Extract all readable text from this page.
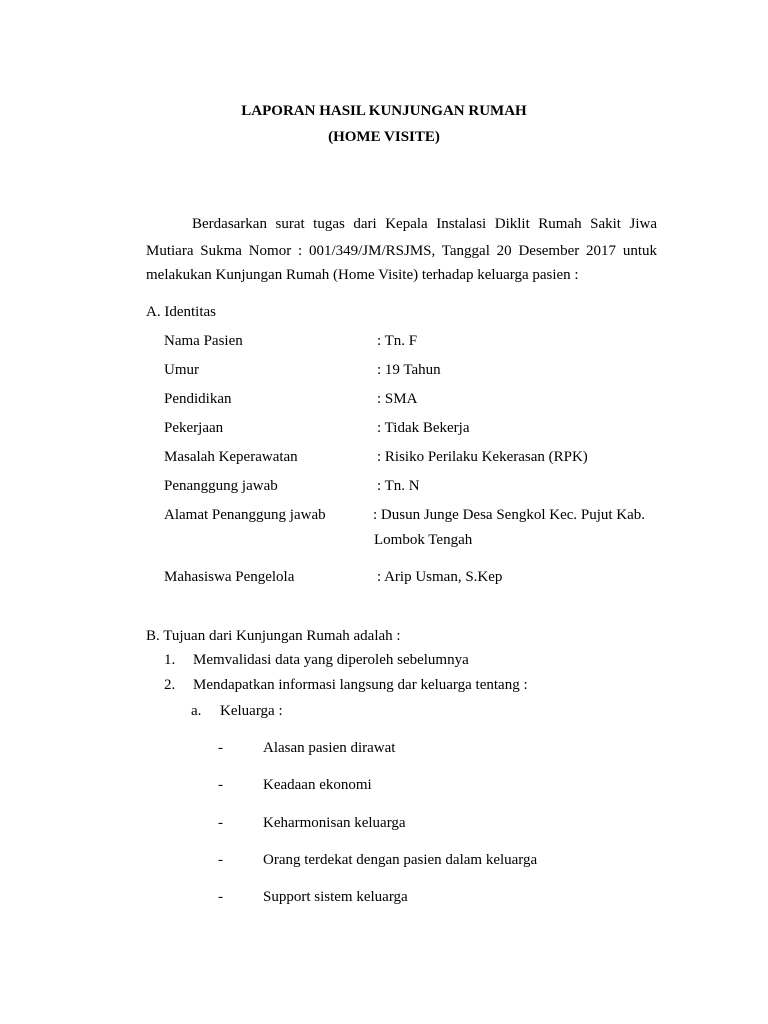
LAPORAN HASIL KUNJUNGAN RUMAH
(HOME VISITE)
Berdasarkan surat tugas dari Kepala Instalasi Diklit Rumah Sakit Jiwa
Mutiara Sukma Nomor : 001/349/JM/RSJMS, Tanggal 20 Desember 2017 untuk
melakukan Kunjungan Rumah (Home Visite) terhadap keluarga pasien :
A. Identitas
Nama Pasien	: Tn. F
Umur	: 19 Tahun
Pendidikan	: SMA
Pekerjaan	: Tidak Bekerja
Masalah Keperawatan	: Risiko Perilaku Kekerasan (RPK)
Penanggung jawab	: Tn. N
Alamat Penanggung jawab	: Dusun Junge Desa Sengkol Kec. Pujut Kab.
Lombok Tengah
Mahasiswa Pengelola	: Arip Usman, S.Kep
B. Tujuan dari Kunjungan Rumah adalah :
1. Memvalidasi data yang diperoleh sebelumnya
2. Mendapatkan informasi langsung dar keluarga tentang :
a. Keluarga :
-	Alasan pasien dirawat
-	Keadaan ekonomi
-	Keharmonisan keluarga
-	Orang terdekat dengan pasien dalam keluarga
-	Support sistem keluarga
